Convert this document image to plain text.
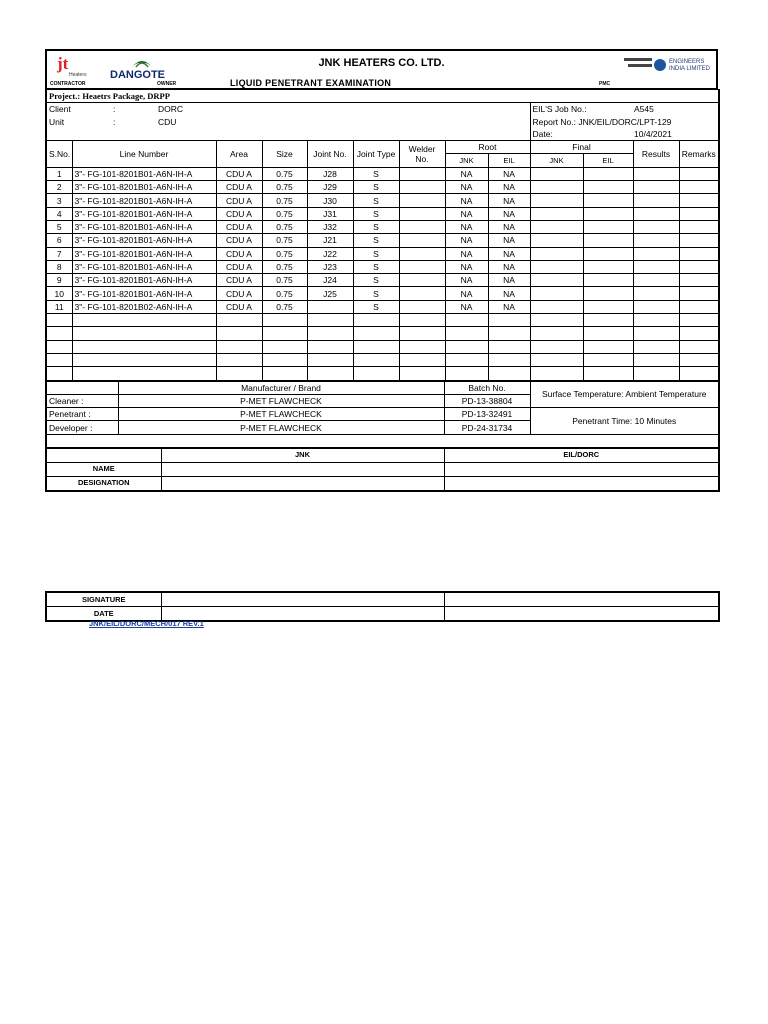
jt
Heaters DANGOTE
ENGINEERS
INDIA LIMITED
JNK HEATERS CO. LTD.
LIQUID PENETRANT EXAMINATION
CONTRACTOR	OWNER	PMC
Project.: Heaetrs Package, DRPP				
Client	:	DORC	EIL'S Job No.:	A545
Unit	:	CDU	Report No.: JNK/EIL/DORC/LPT-129	
			Date:	10/4/2021
S.No.	Line Number	Area	Size	Joint No.	Joint Type	Welder No.	Root		Final		Results	Remarks
							JNK	EIL	JNK	EIL		
1	3"- FG-101-8201B01-A6N-IH-A	CDU A	0.75	J28	S		NA	NA				
2	3"- FG-101-8201B01-A6N-IH-A	CDU A	0.75	J29	S		NA	NA				
3	3"- FG-101-8201B01-A6N-IH-A	CDU A	0.75	J30	S		NA	NA				
4	3"- FG-101-8201B01-A6N-IH-A	CDU A	0.75	J31	S		NA	NA				
5	3"- FG-101-8201B01-A6N-IH-A	CDU A	0.75	J32	S		NA	NA				
6	3"- FG-101-8201B01-A6N-IH-A	CDU A	0.75	J21	S		NA	NA				
7	3"- FG-101-8201B01-A6N-IH-A	CDU A	0.75	J22	S		NA	NA				
8	3"- FG-101-8201B01-A6N-IH-A	CDU A	0.75	J23	S		NA	NA				
9	3"- FG-101-8201B01-A6N-IH-A	CDU A	0.75	J24	S		NA	NA				
10	3"- FG-101-8201B01-A6N-IH-A	CDU A	0.75	J25	S		NA	NA				
11	3"- FG-101-8201B02-A6N-IH-A	CDU A	0.75		S		NA	NA				

	Manufacturer / Brand	Batch No.	Surface Temperature: Ambient Temperature
Cleaner :	P-MET FLAWCHECK	PD-13-38804	
Penetrant :	P-MET FLAWCHECK	PD-13-32491	Penetrant Time: 10 Minutes
Developer :	P-MET FLAWCHECK	PD-24-31734	

	JNK	EIL/DORC
NAME		
DESIGNATION		
SIGNATURE		
DATE		
JNK/EIL/DORC/MECH/017 REV.1
